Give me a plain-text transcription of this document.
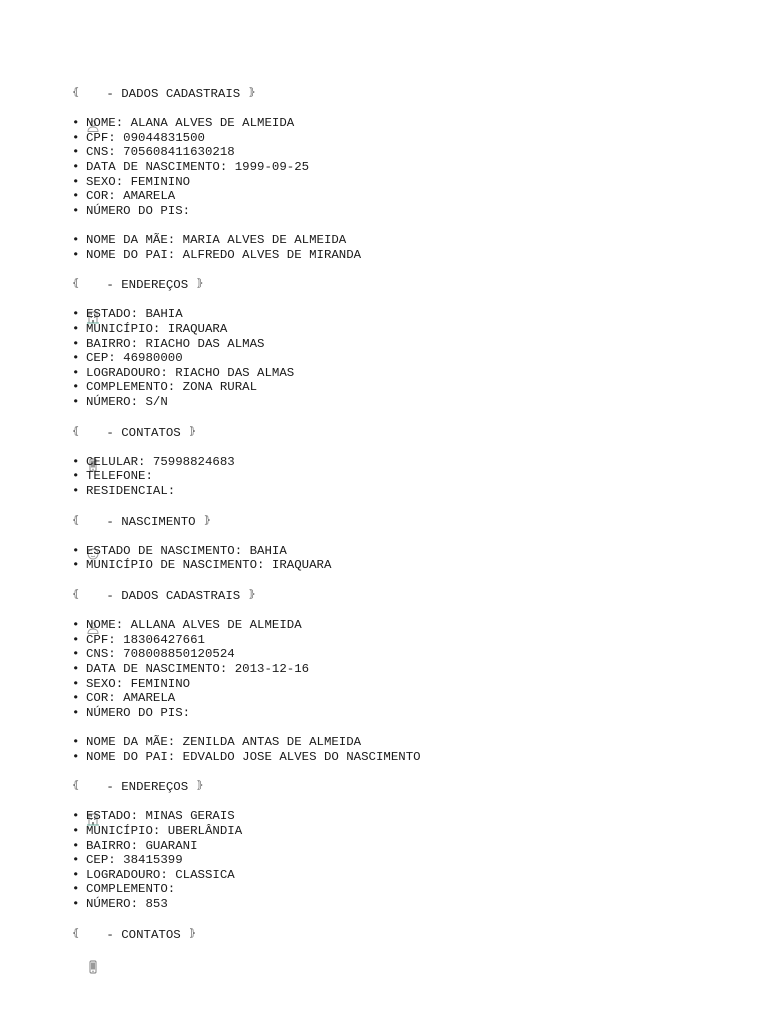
⦃

- DADOS CADASTRAIS ⦄
• NOME: ALANA ALVES DE ALMEIDA
• CPF: 09044831500
• CNS: 705608411630218
• DATA DE NASCIMENTO: 1999-09-25
• SEXO: FEMININO
• COR: AMARELA
• NÚMERO DO PIS:
• NOME DA MÃE: MARIA ALVES DE ALMEIDA
• NOME DO PAI: ALFREDO ALVES DE MIRANDA
⦃

- ENDEREÇOS ⦄
• ESTADO: BAHIA
• MUNICÍPIO: IRAQUARA
• BAIRRO: RIACHO DAS ALMAS
• CEP: 46980000
• LOGRADOURO: RIACHO DAS ALMAS
• COMPLEMENTO: ZONA RURAL
• NÚMERO: S/N
⦃

- CONTATOS ⦄
• CELULAR: 75998824683
• TELEFONE:
• RESIDENCIAL:
⦃

- NASCIMENTO ⦄
• ESTADO DE NASCIMENTO: BAHIA
• MUNICÍPIO DE NASCIMENTO: IRAQUARA
⦃

- DADOS CADASTRAIS ⦄
• NOME: ALLANA ALVES DE ALMEIDA
• CPF: 18306427661
• CNS: 708008850120524
• DATA DE NASCIMENTO: 2013-12-16
• SEXO: FEMININO
• COR: AMARELA
• NÚMERO DO PIS:
• NOME DA MÃE: ZENILDA ANTAS DE ALMEIDA
• NOME DO PAI: EDVALDO JOSE ALVES DO NASCIMENTO
⦃

- ENDEREÇOS ⦄
• ESTADO: MINAS GERAIS
• MUNICÍPIO: UBERLÂNDIA
• BAIRRO: GUARANI
• CEP: 38415399
• LOGRADOURO: CLASSICA
• COMPLEMENTO:
• NÚMERO: 853
⦃

- CONTATOS ⦄
